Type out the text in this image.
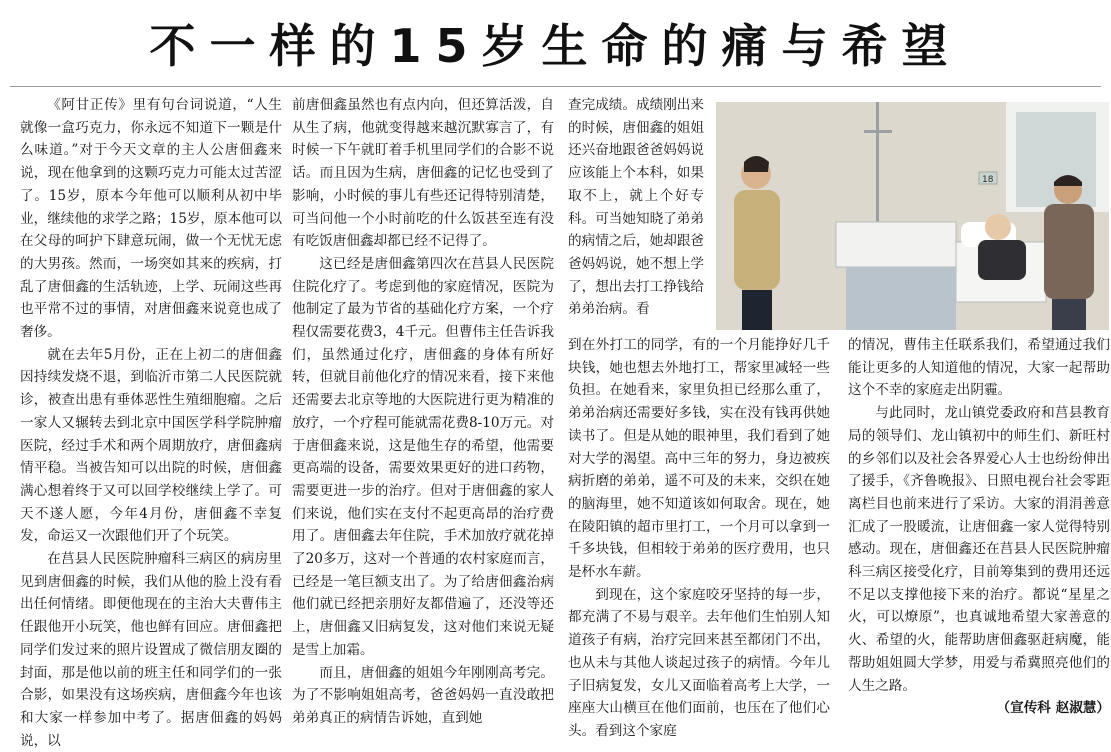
不一样的15岁生命的痛与希望

《阿甘正传》里有句台词说道，“人生就像一盒巧克力，你永远不知道下一颗是什么味道。”对于今天文章的主人公唐佃鑫来说，现在他拿到的这颗巧克力可能太过苦涩了。15岁，原本今年他可以顺利从初中毕业，继续他的求学之路；15岁，原本他可以在父母的呵护下肆意玩闹，做一个无忧无虑的大男孩。然而，一场突如其来的疾病，打乱了唐佃鑫的生活轨迹，上学、玩闹这些再也平常不过的事情，对唐佃鑫来说竟也成了奢侈。

就在去年5月份，正在上初二的唐佃鑫因持续发烧不退，到临沂市第二人民医院就诊，被查出患有垂体恶性生殖细胞瘤。之后一家人又辗转去到北京中国医学科学院肿瘤医院，经过手术和两个周期放疗，唐佃鑫病情平稳。当被告知可以出院的时候，唐佃鑫满心想着终于又可以回学校继续上学了。可天不遂人愿，今年4月份，唐佃鑫不幸复发，命运又一次跟他们开了个玩笑。

在莒县人民医院肿瘤科三病区的病房里见到唐佃鑫的时候，我们从他的脸上没有看出任何情绪。即便他现在的主治大夫曹伟主任跟他开小玩笑，他也鲜有回应。唐佃鑫把同学们发过来的照片设置成了微信朋友圈的封面，那是他以前的班主任和同学们的一张合影，如果没有这场疾病，唐佃鑫今年也该和大家一样参加中考了。据唐佃鑫的妈妈说，以

前唐佃鑫虽然也有点内向，但还算活泼，自从生了病，他就变得越来越沉默寡言了，有时候一下午就盯着手机里同学们的合影不说话。而且因为生病，唐佃鑫的记忆也受到了影响，小时候的事儿有些还记得特别清楚，可当问他一个小时前吃的什么饭甚至连有没有吃饭唐佃鑫却都已经不记得了。

这已经是唐佃鑫第四次在莒县人民医院住院化疗了。考虑到他的家庭情况，医院为他制定了最为节省的基础化疗方案，一个疗程仅需要花费3，4千元。但曹伟主任告诉我们，虽然通过化疗，唐佃鑫的身体有所好转，但就目前他化疗的情况来看，接下来他还需要去北京等地的大医院进行更为精准的放疗，一个疗程可能就需花费8-10万元。对于唐佃鑫来说，这是他生存的希望，他需要更高端的设备，需要效果更好的进口药物，需要更进一步的治疗。但对于唐佃鑫的家人们来说，他们实在支付不起更高昂的治疗费用了。唐佃鑫去年住院，手术加放疗就花掉了20多万，这对一个普通的农村家庭而言，已经是一笔巨额支出了。为了给唐佃鑫治病他们就已经把亲朋好友都借遍了，还没等还上，唐佃鑫又旧病复发，这对他们来说无疑是雪上加霜。

而且，唐佃鑫的姐姐今年刚刚高考完。为了不影响姐姐高考，爸爸妈妈一直没敢把弟弟真正的病情告诉她，直到她

查完成绩。成绩刚出来的时候，唐佃鑫的姐姐还兴奋地跟爸爸妈妈说应该能上个本科，如果取不上，就上个好专科。可当她知晓了弟弟的病情之后，她却跟爸爸妈妈说，她不想上学了，想出去打工挣钱给弟弟治病。看

到在外打工的同学，有的一个月能挣好几千块钱，她也想去外地打工，帮家里减轻一些负担。在她看来，家里负担已经那么重了，弟弟治病还需要好多钱，实在没有钱再供她读书了。但是从她的眼神里，我们看到了她对大学的渴望。高中三年的努力，身边被疾病折磨的弟弟，遥不可及的未来，交织在她的脑海里，她不知道该如何取舍。现在，她在陵阳镇的超市里打工，一个月可以拿到一千多块钱，但相较于弟弟的医疗费用，也只是杯水车薪。

到现在，这个家庭咬牙坚持的每一步，都充满了不易与艰辛。去年他们生怕别人知道孩子有病，治疗完回来甚至都闭门不出，也从未与其他人谈起过孩子的病情。今年儿子旧病复发，女儿又面临着高考上大学，一座座大山横亘在他们面前，也压在了他们心头。看到这个家庭

的情况，曹伟主任联系我们，希望通过我们能让更多的人知道他的情况，大家一起帮助这个不幸的家庭走出阴霾。

与此同时，龙山镇党委政府和莒县教育局的领导们、龙山镇初中的师生们、新旺村的乡邻们以及社会各界爱心人士也纷纷伸出了援手，《齐鲁晚报》、日照电视台社会零距离栏目也前来进行了采访。大家的涓涓善意汇成了一股暖流，让唐佃鑫一家人觉得特别感动。现在，唐佃鑫还在莒县人民医院肿瘤科三病区接受化疗，目前筹集到的费用还远不足以支撑他接下来的治疗。都说“星星之火，可以燎原”，也真诚地希望大家善意的火、希望的火，能帮助唐佃鑫驱赶病魔，能帮助姐姐圆大学梦，用爱与希冀照亮他们的人生之路。

（宣传科 赵淑慧）

18
